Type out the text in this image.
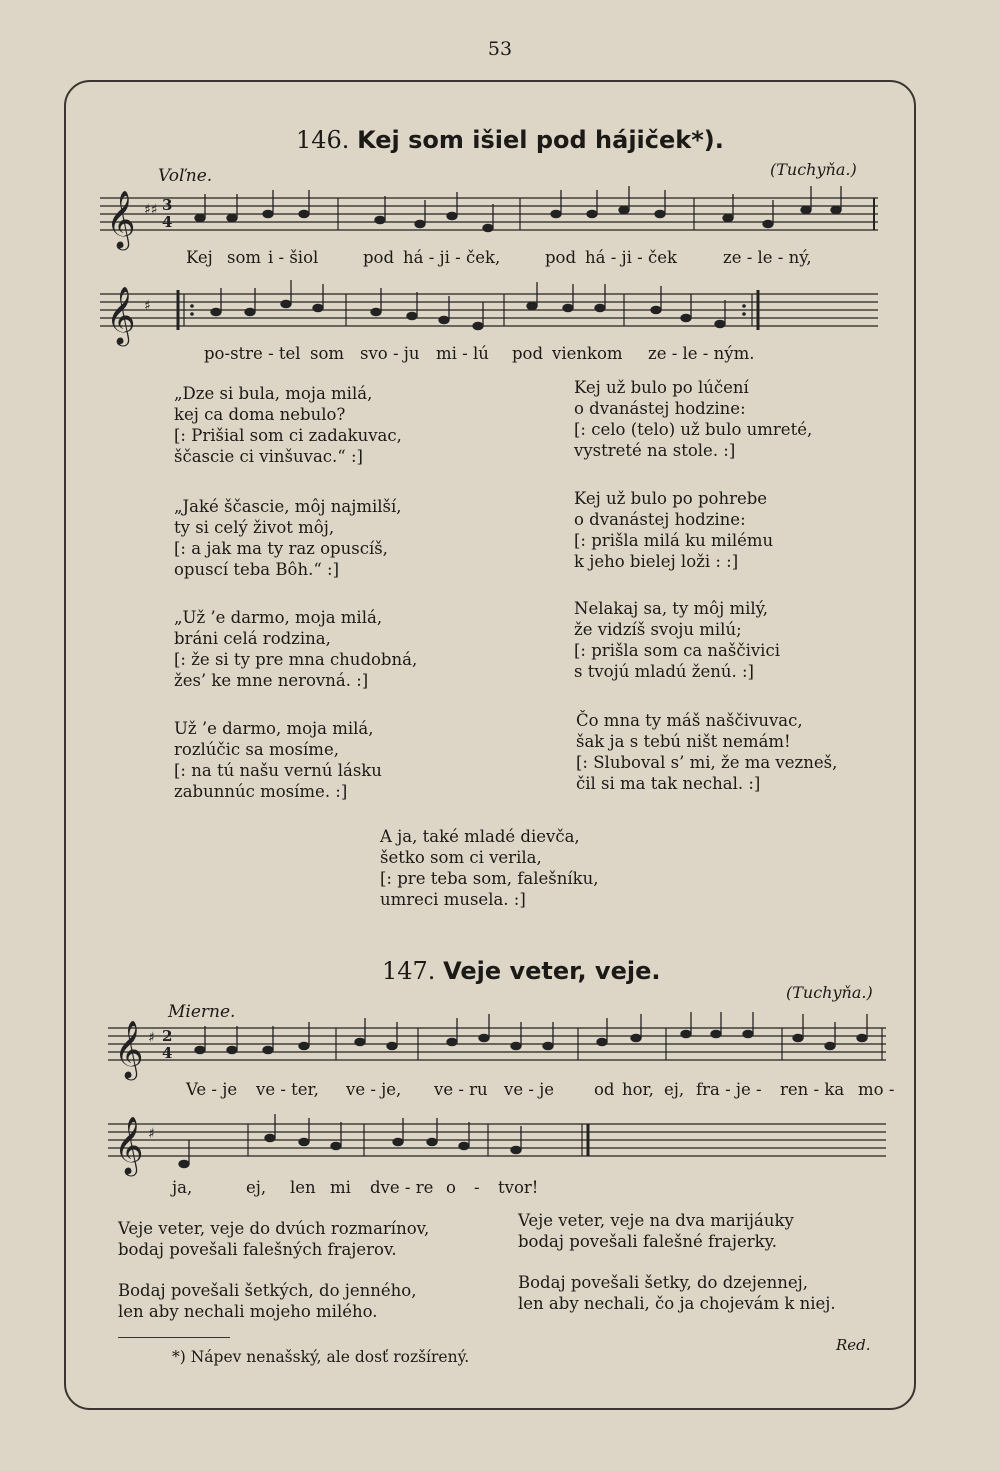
53
146. Kej som išiel pod hájiček*).
Voľne.	(Tuchyňa.)
𝄞 ♯♯ 3
4
Kej som i - šiol	pod há - ji - ček,	pod há - ji - ček	ze - le - ný,
𝄞 ♯
po-stre - tel som svo - ju mi - lú pod vienkom ze - le - ným.
„Dze si bula, moja milá,
kej ca doma nebulo?
[: Prišial som ci zadakuvac,
ščascie ci vinšuvac.“ :]
„Jaké ščascie, môj najmilší,
ty si celý život môj,
[: a jak ma ty raz opuscíš,
opuscí teba Bôh.“ :]
„Už ’e darmo, moja milá,
bráni celá rodzina,
[: že si ty pre mna chudobná,
žes’ ke mne nerovná. :]
Už ’e darmo, moja milá,
rozlúčic sa mosíme,
[: na tú našu vernú lásku
zabunnúc mosíme. :]
Kej už bulo po lúčení
o dvanástej hodzine:
[: celo (telo) už bulo umreté,
vystreté na stole. :]
Kej už bulo po pohrebe
o dvanástej hodzine:
[: prišla milá ku milému
k jeho bielej loži : :]
Nelakaj sa, ty môj milý,
že vidzíš svoju milú;
[: prišla som ca naščivici
s tvojú mladú ženú. :]
Čo mna ty máš naščivuvac,
šak ja s tebú ništ nemám!
[: Sluboval s’ mi, že ma vezneš,
čil si ma tak nechal. :]
A ja, také mladé dievča,
šetko som ci verila,
[: pre teba som, falešníku,
umreci musela. :]
147. Veje veter, veje.
Mierne.
(Tuchyňa.)
𝄞 ♯ 2
4
Ve - je ve - ter, ve - je, ve - ru ve - je od hor, ej, fra - je - ren - ka mo -
𝄞 ♯
ja,	ej, len mi dve - re o - tvor!
Veje veter, veje do dvúch rozmarínov,
bodaj povešali falešných frajerov.
Bodaj povešali šetkých, do jenného,
len aby nechali mojeho milého.
Veje veter, veje na dva marijáuky
bodaj povešali falešné frajerky.
Bodaj povešali šetky, do dzejennej,
len aby nechali, čo ja chojevám k niej.
*) Nápev nenašský, ale dosť rozšírený.
Red.
